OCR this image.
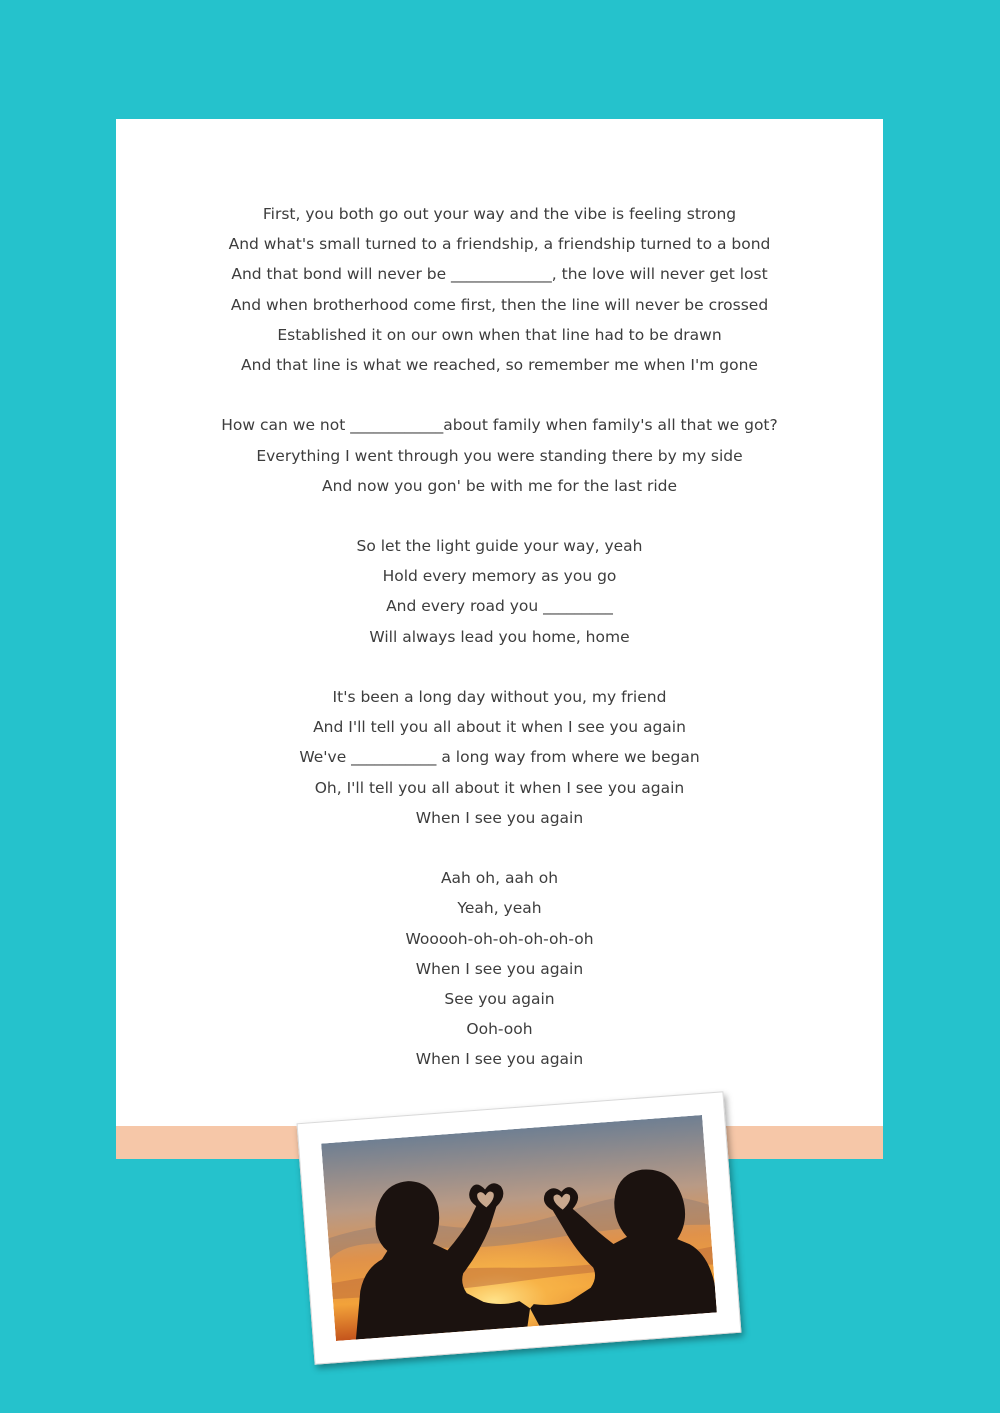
First, you both go out your way and the vibe is feeling strong
And what's small turned to a friendship, a friendship turned to a bond
And that bond will never be _____________, the love will never get lost
And when brotherhood come first, then the line will never be crossed
Established it on our own when that line had to be drawn
And that line is what we reached, so remember me when I'm gone
How can we not ____________about family when family's all that we got?
Everything I went through you were standing there by my side
And now you gon' be with me for the last ride
So let the light guide your way, yeah
Hold every memory as you go
And every road you _________
Will always lead you home, home
It's been a long day without you, my friend
And I'll tell you all about it when I see you again
We've ___________ a long way from where we began
Oh, I'll tell you all about it when I see you again
When I see you again
Aah oh, aah oh
Yeah, yeah
Wooooh-oh-oh-oh-oh-oh
When I see you again
See you again
Ooh-ooh
When I see you again
